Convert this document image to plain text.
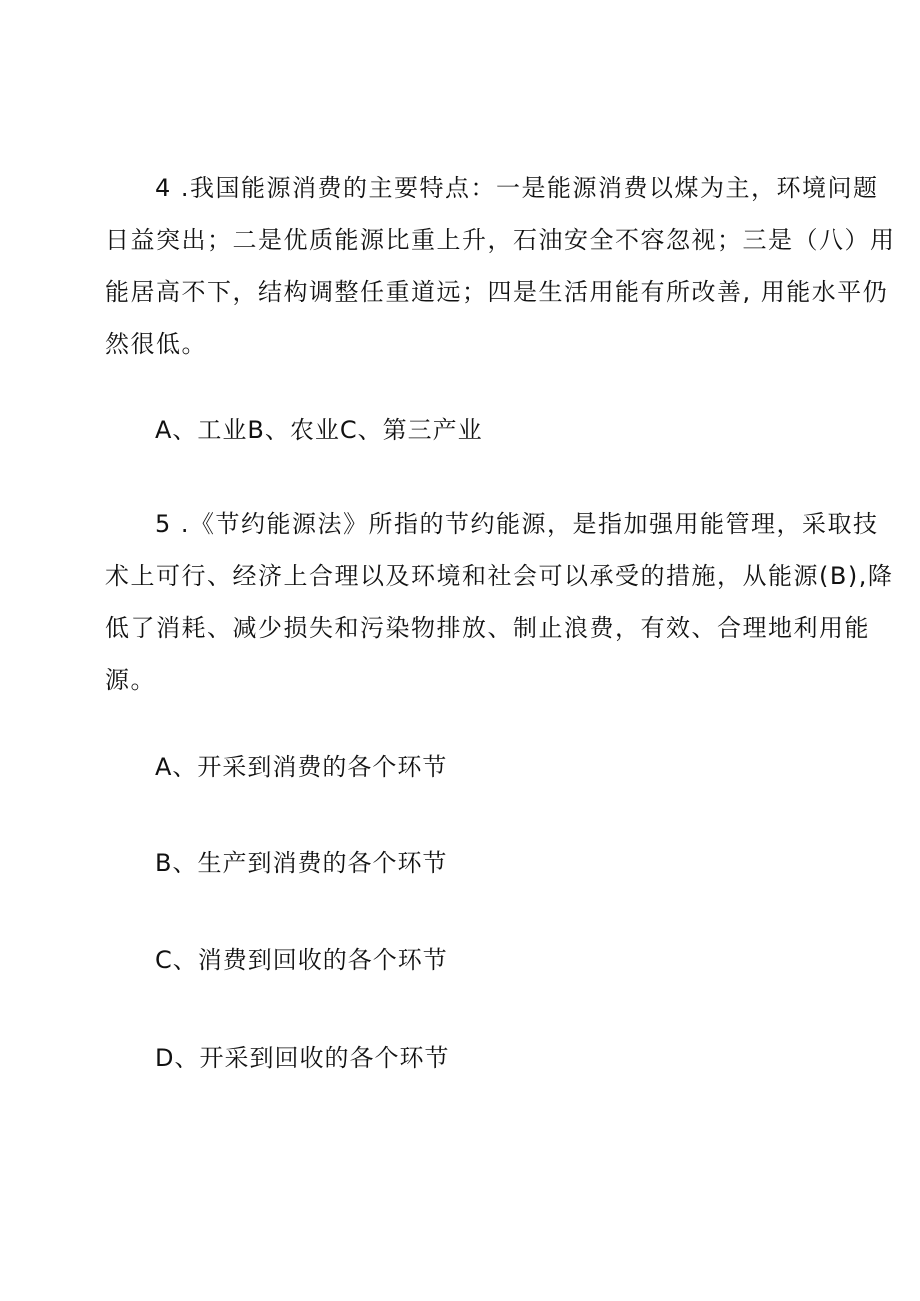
4 .我国能源消费的主要特点：一是能源消费以煤为主，环境问题
日益突出；二是优质能源比重上升，石油安全不容忽视；三是（八）用
能居高不下，结构调整任重道远；四是生活用能有所改善, 用能水平仍
然很低。
A、工业B、农业C、第三产业
5 .《节约能源法》所指的节约能源，是指加强用能管理，采取技
术上可行、经济上合理以及环境和社会可以承受的措施，从能源(B),降
低了消耗、减少损失和污染物排放、制止浪费，有效、合理地利用能
源。
A、开采到消费的各个环节
B、生产到消费的各个环节
C、消费到回收的各个环节
D、开采到回收的各个环节
